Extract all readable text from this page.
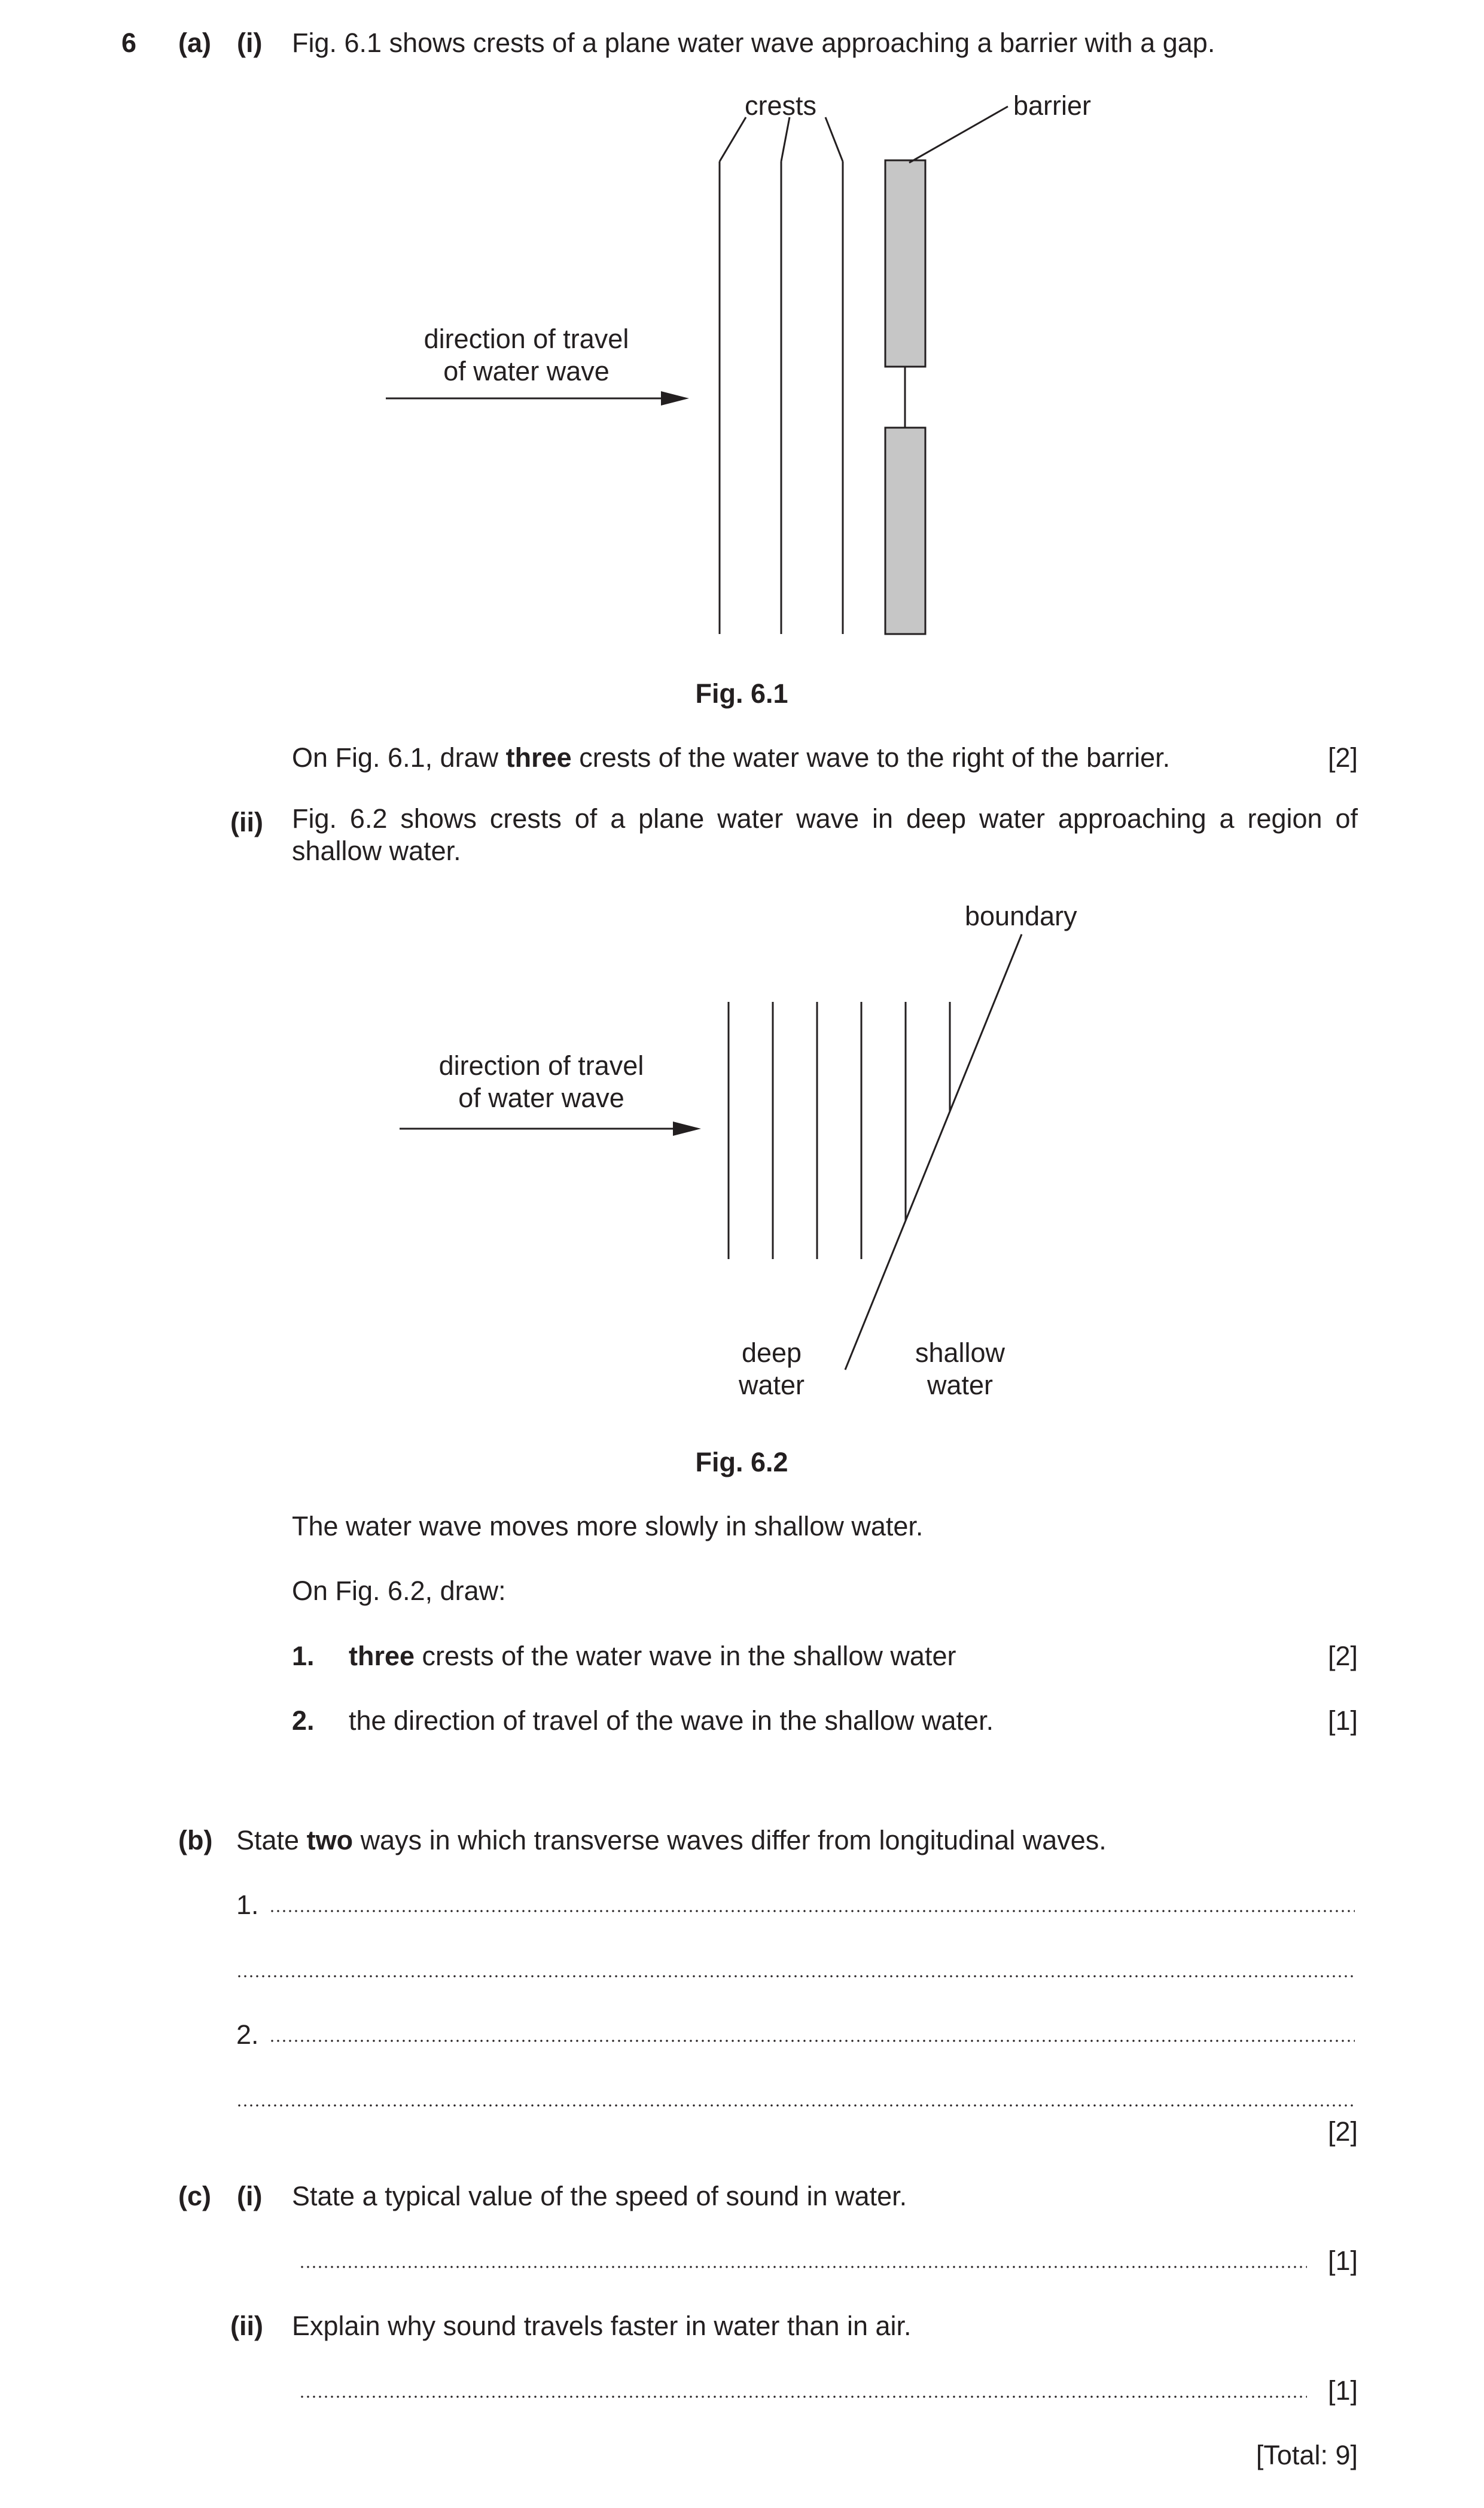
6 (a) (i) Fig. 6.1 shows crests of a plane water wave approaching a barrier with a gap.
crests	barrier
direction of travel
of water wave
Fig. 6.1
On Fig. 6.1, draw three crests of the water wave to the right of the barrier.	[2]
(ii) Fig. 6.2 shows crests of a plane water wave in deep water approaching a region of shallow water.
boundary
direction of travel
of water wave
deep
water
shallow
water
Fig. 6.2
The water wave moves more slowly in shallow water.
On Fig. 6.2, draw:
1. three crests of the water wave in the shallow water	[2]
2. the direction of travel of the wave in the shallow water.	[1]
(b) State two ways in which transverse waves differ from longitudinal waves.
1.
2.
[2]
(c) (i) State a typical value of the speed of sound in water.
[1]
(ii) Explain why sound travels faster in water than in air.
[1]
[Total: 9]
